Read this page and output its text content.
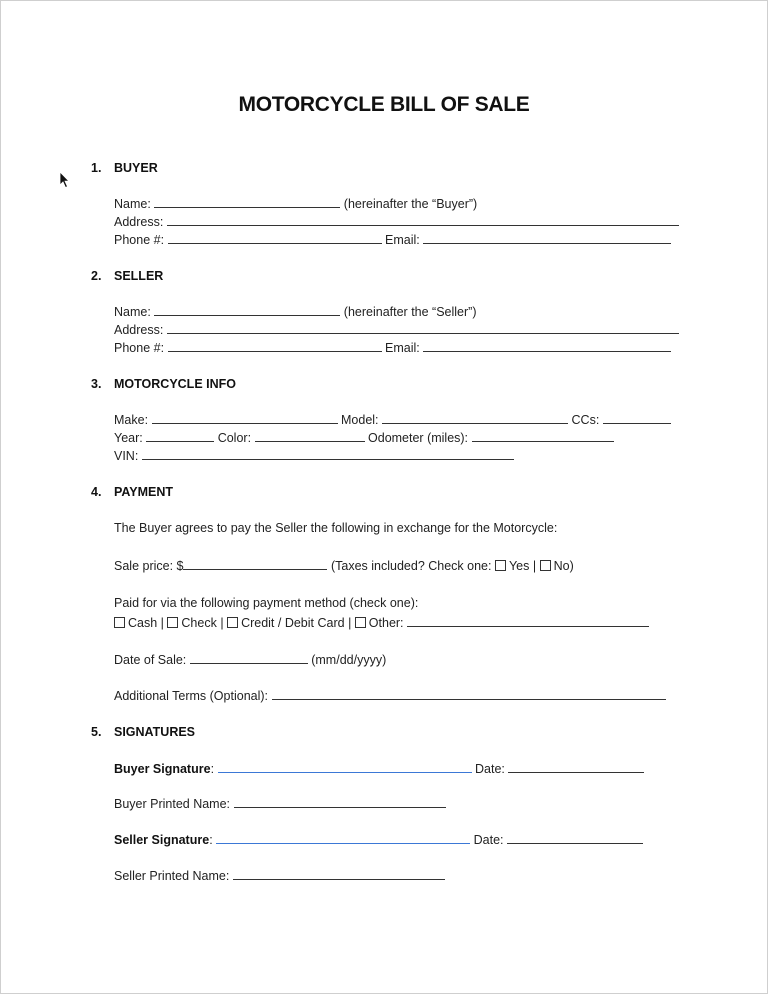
MOTORCYCLE BILL OF SALE
1. BUYER
Name:	(hereinafter the “Buyer”)
Address:
Phone #:	Email:
2. SELLER
Name:	(hereinafter the “Seller”)
Address:
Phone #:	Email:
3. MOTORCYCLE INFO
Make:	Model:	CCs:
Year:	Color:	Odometer (miles):
VIN:
4. PAYMENT
The Buyer agrees to pay the Seller the following in exchange for the Motorcycle:
Sale price: $	(Taxes included? Check one: Yes | No)
Paid for via the following payment method (check one):
Cash | Check | Credit / Debit Card | Other:
Date of Sale:	(mm/dd/yyyy)
Additional Terms (Optional):
5. SIGNATURES
Buyer Signature:	Date:
Buyer Printed Name:
Seller Signature:	Date:
Seller Printed Name:
